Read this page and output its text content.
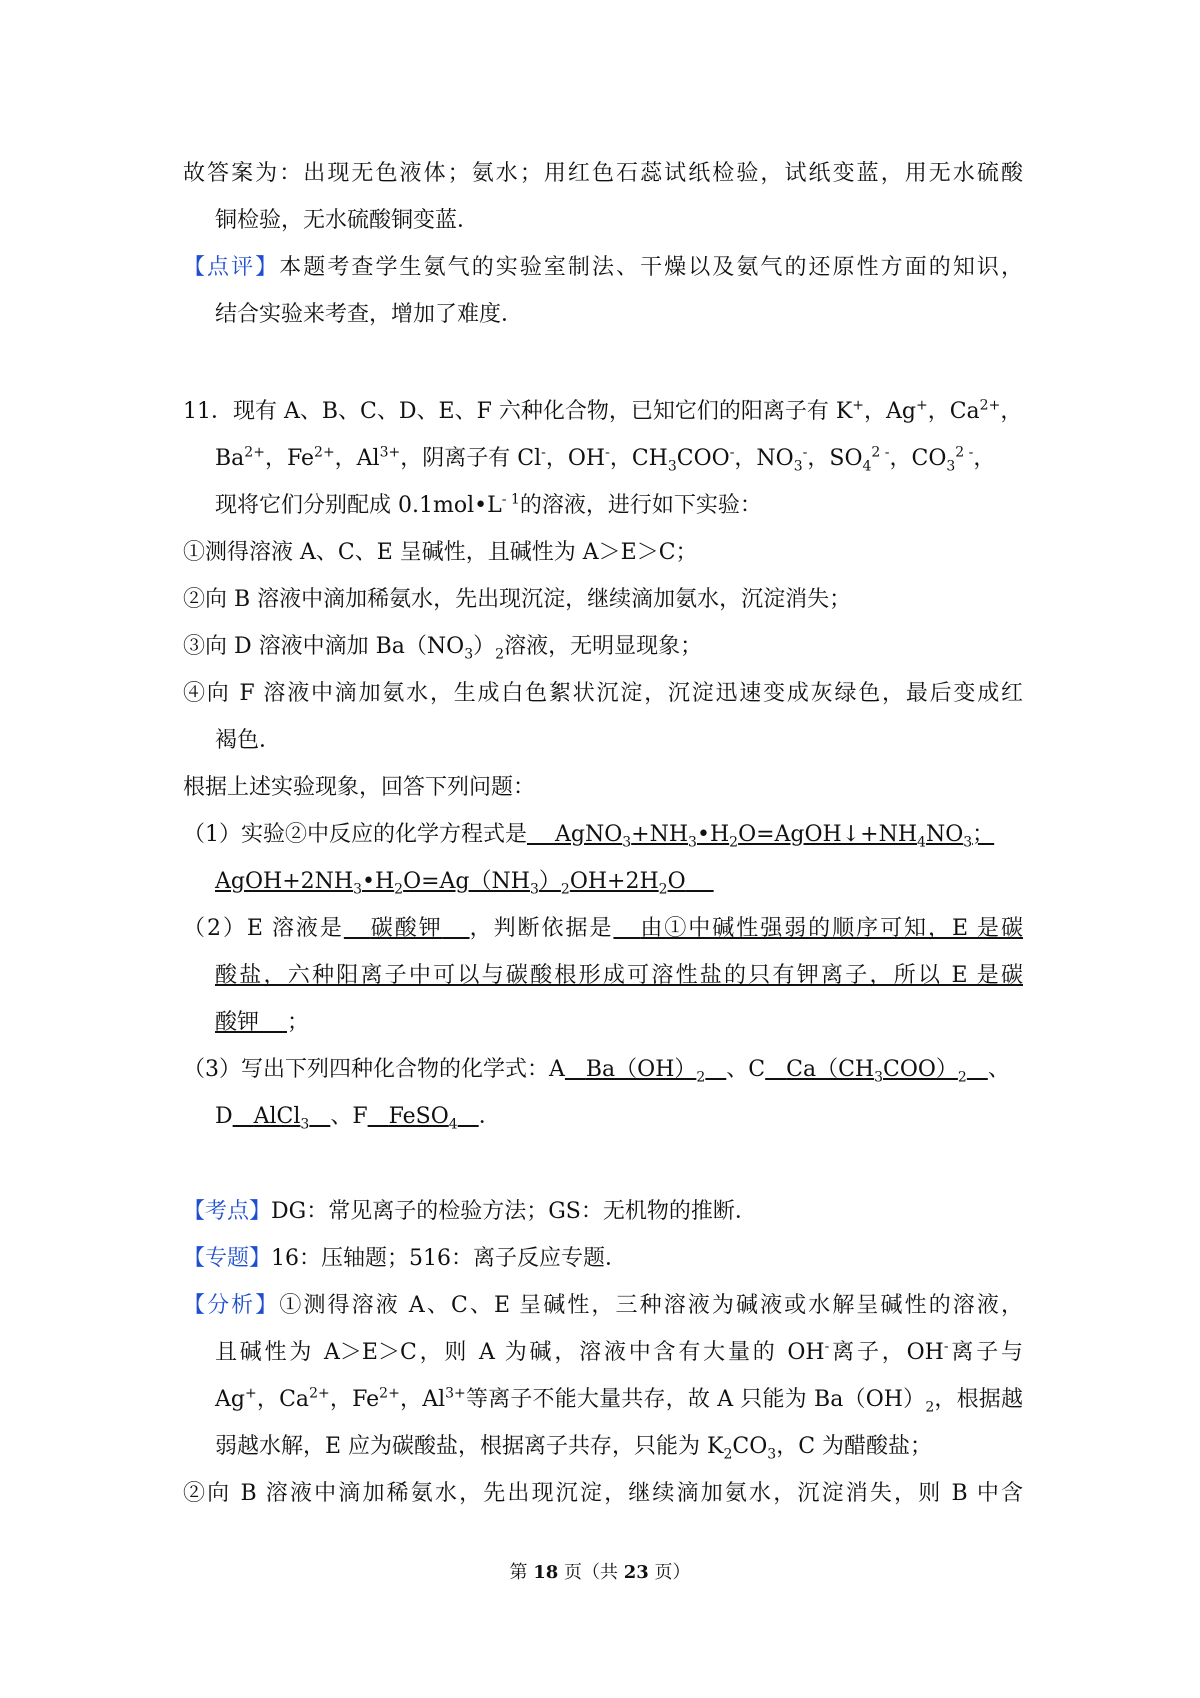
故答案为：出现无色液体；氨水；用红色石蕊试纸检验，试纸变蓝，用无水硫酸

铜检验，无水硫酸铜变蓝．

【点评】本题考查学生氨气的实验室制法、干燥以及氨气的还原性方面的知识，

结合实验来考查，增加了难度．

11．现有 A、B、C、D、E、F 六种化合物，已知它们的阳离子有 K+，Ag+，$Ca^{2+}$，

$Ba^{2+}$，$Fe^{2+}$，$Al^{3+}$，阴离子有 Cl-，OH-，$CH_3COO^-$，$NO_3^-$，$SO_4^{2 -}$，$CO_3^{2 -}$，

现将它们分别配成 $0.1mol•L^{- 1}$的溶液，进行如下实验：

①测得溶液 A、C、E 呈碱性，且碱性为 A＞E＞C；

②向 B 溶液中滴加稀氨水，先出现沉淀，继续滴加氨水，沉淀消失；

③向 D 溶液中滴加 $Ba(NO_3)_2$溶液，无明显现象；

④向 F 溶液中滴加氨水，生成白色絮状沉淀，沉淀迅速变成灰绿色，最后变成红

褐色．

根据上述实验现象，回答下列问题：

（1）实验②中反应的化学方程式是 $AgNO_3+NH_3•H_2O=AgOH↓+NH_4NO_3$；

$AgOH+2NH_3•H_2O=Ag(NH_3)_2OH+2H_2O$

（2）E 溶液是 碳酸钾 ，判断依据是 由①中碱性强弱的顺序可知，E 是碳

酸盐，六种阳离子中可以与碳酸根形成可溶性盐的只有钾离子，所以 E 是碳

酸钾 ；

（3）写出下列四种化合物的化学式：A $Ba(OH)_2$ 、C $Ca(CH_3COO)_2$ 、

D AlCl$_3$ 、F FeSO$_4$ ．

【考点】DG：常见离子的检验方法；GS：无机物的推断．

【专题】16：压轴题；516：离子反应专题．

【分析】①测得溶液 A、C、E 呈碱性，三种溶液为碱液或水解呈碱性的溶液，

且碱性为 A＞E＞C，则 A 为碱，溶液中含有大量的 OH-离子，OH-离子与

Ag+，$Ca^{2+}$，$Fe^{2+}$，$Al^{3+}$等离子不能大量共存，故 A 只能为 $Ba(OH)_2$，根据越

弱越水解，E 应为碳酸盐，根据离子共存，只能为 $K_2CO_3$，C 为醋酸盐；

②向 B 溶液中滴加稀氨水，先出现沉淀，继续滴加氨水，沉淀消失，则 B 中含

第 18 页（共 23 页）
